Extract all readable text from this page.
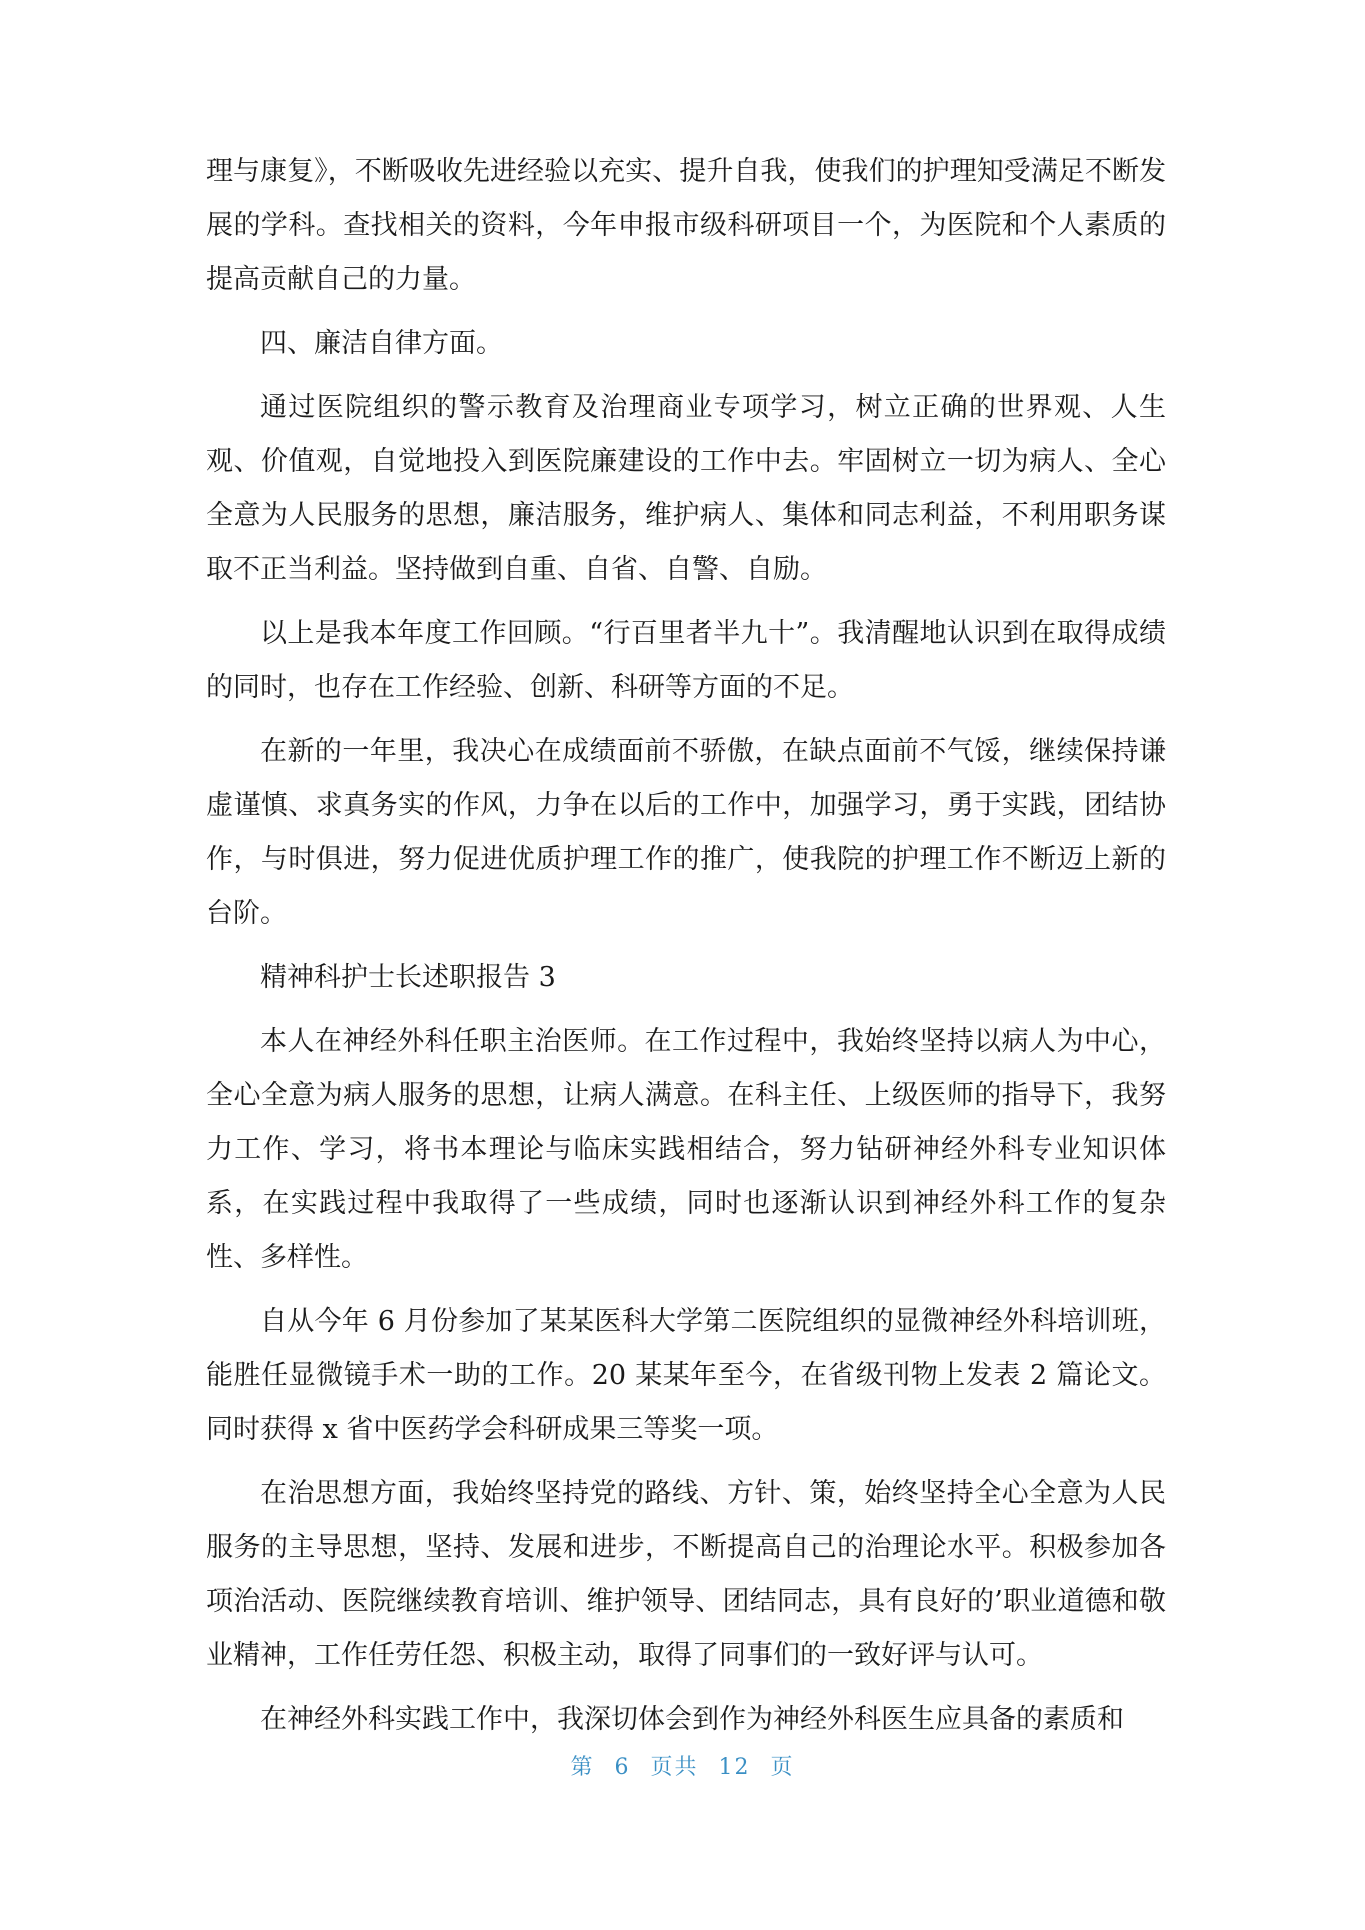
理与康复》，不断吸收先进经验以充实、提升自我，使我们的护理知受满足不断发展的学科。查找相关的资料，今年申报市级科研项目一个，为医院和个人素质的提高贡献自己的力量。

四、廉洁自律方面。

通过医院组织的警示教育及治理商业专项学习，树立正确的世界观、人生观、价值观，自觉地投入到医院廉建设的工作中去。牢固树立一切为病人、全心全意为人民服务的思想，廉洁服务，维护病人、集体和同志利益，不利用职务谋取不正当利益。坚持做到自重、自省、自警、自励。

以上是我本年度工作回顾。“行百里者半九十”。我清醒地认识到在取得成绩的同时，也存在工作经验、创新、科研等方面的不足。

在新的一年里，我决心在成绩面前不骄傲，在缺点面前不气馁，继续保持谦虚谨慎、求真务实的作风，力争在以后的工作中，加强学习，勇于实践，团结协作，与时俱进，努力促进优质护理工作的推广，使我院的护理工作不断迈上新的台阶。

精神科护士长述职报告 3

本人在神经外科任职主治医师。在工作过程中，我始终坚持以病人为中心，全心全意为病人服务的思想，让病人满意。在科主任、上级医师的指导下，我努力工作、学习，将书本理论与临床实践相结合，努力钻研神经外科专业知识体系，在实践过程中我取得了一些成绩，同时也逐渐认识到神经外科工作的复杂性、多样性。

自从今年 6 月份参加了某某医科大学第二医院组织的显微神经外科培训班，能胜任显微镜手术一助的工作。20 某某年至今，在省级刊物上发表 2 篇论文。同时获得 x 省中医药学会科研成果三等奖一项。

在治思想方面，我始终坚持党的路线、方针、策，始终坚持全心全意为人民服务的主导思想，坚持、发展和进步，不断提高自己的治理论水平。积极参加各项治活动、医院继续教育培训、维护领导、团结同志，具有良好的’职业道德和敬业精神，工作任劳任怨、积极主动，取得了同事们的一致好评与认可。

在神经外科实践工作中，我深切体会到作为神经外科医生应具备的素质和

第 6 页共 12 页
